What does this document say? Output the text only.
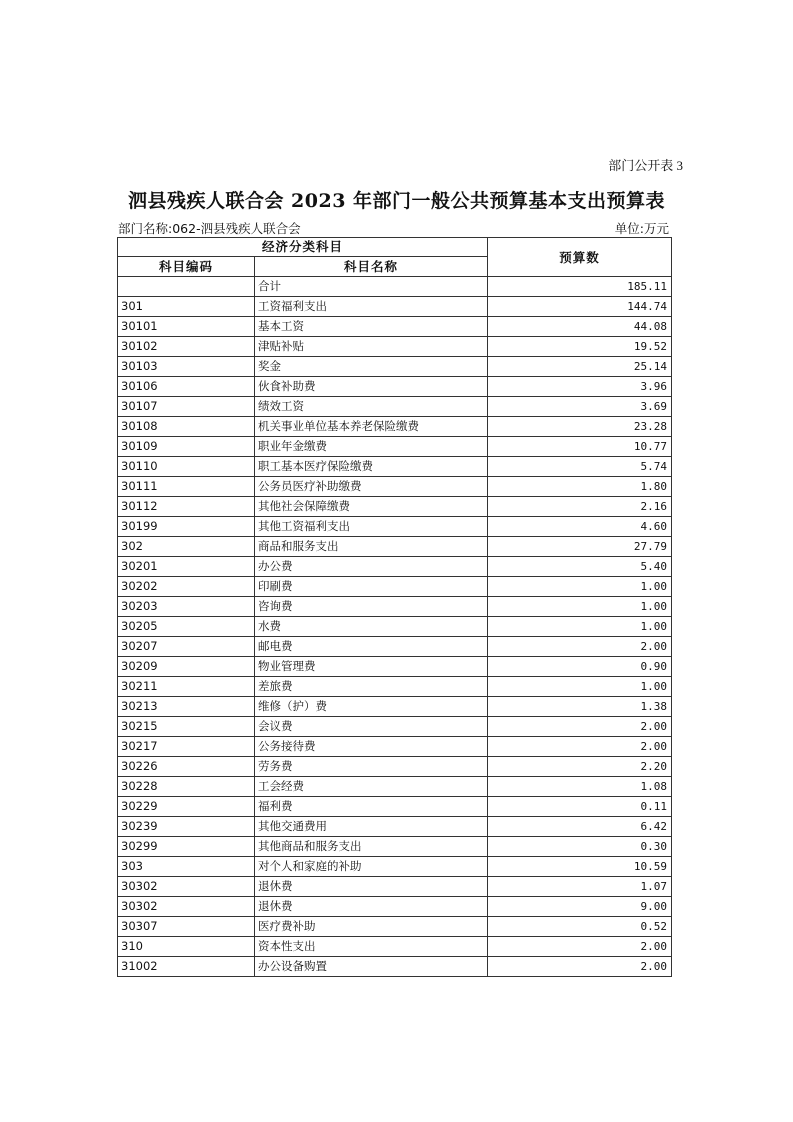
部门公开表 3
泗县残疾人联合会 2023 年部门一般公共预算基本支出预算表
部门名称:062-泗县残疾人联合会	单位:万元
经济分类科目		预算数
科目编码	科目名称	
	合计	185.11
301	工资福利支出	144.74
30101	基本工资	44.08
30102	津贴补贴	19.52
30103	奖金	25.14
30106	伙食补助费	3.96
30107	绩效工资	3.69
30108	机关事业单位基本养老保险缴费	23.28
30109	职业年金缴费	10.77
30110	职工基本医疗保险缴费	5.74
30111	公务员医疗补助缴费	1.80
30112	其他社会保障缴费	2.16
30199	其他工资福利支出	4.60
302	商品和服务支出	27.79
30201	办公费	5.40
30202	印刷费	1.00
30203	咨询费	1.00
30205	水费	1.00
30207	邮电费	2.00
30209	物业管理费	0.90
30211	差旅费	1.00
30213	维修（护）费	1.38
30215	会议费	2.00
30217	公务接待费	2.00
30226	劳务费	2.20
30228	工会经费	1.08
30229	福利费	0.11
30239	其他交通费用	6.42
30299	其他商品和服务支出	0.30
303	对个人和家庭的补助	10.59
30302	退休费	1.07
30302	退休费	9.00
30307	医疗费补助	0.52
310	资本性支出	2.00
31002	办公设备购置	2.00
